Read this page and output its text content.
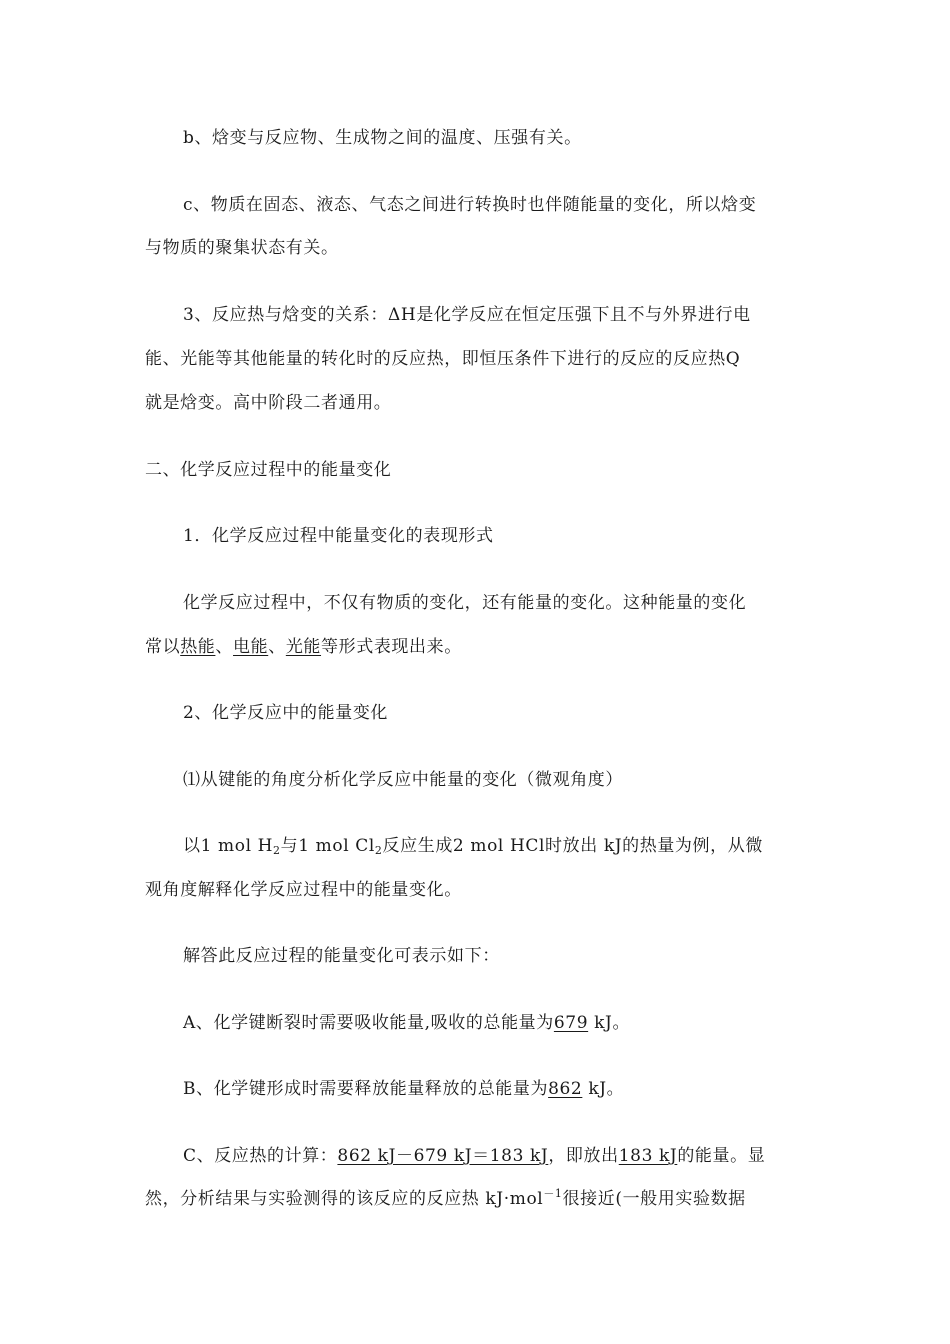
b、焓变与反应物、生成物之间的温度、压强有关。
c、物质在固态、液态、气态之间进行转换时也伴随能量的变化，所以焓变
与物质的聚集状态有关。
3、反应热与焓变的关系：ΔH是化学反应在恒定压强下且不与外界进行电
能、光能等其他能量的转化时的反应热，即恒压条件下进行的反应的反应热Q
就是焓变。高中阶段二者通用。
二、化学反应过程中的能量变化
1．化学反应过程中能量变化的表现形式
化学反应过程中，不仅有物质的变化，还有能量的变化。这种能量的变化
常以热能、电能、光能等形式表现出来。
2、化学反应中的能量变化
⑴从键能的角度分析化学反应中能量的变化（微观角度）
以1 mol $H_2$与1 mol $Cl_2$反应生成2 mol HCl时放出 kJ的热量为例，从微
观角度解释化学反应过程中的能量变化。
解答此反应过程的能量变化可表示如下：
A、化学键断裂时需要吸收能量,吸收的总能量为679 kJ。
B、化学键形成时需要释放能量释放的总能量为862 kJ。
C、反应热的计算：862 kJ－679 kJ＝183 kJ，即放出183 kJ的能量。显
然，分析结果与实验测得的该反应的反应热 kJ·mol$^{-1}$很接近(一般用实验数据
